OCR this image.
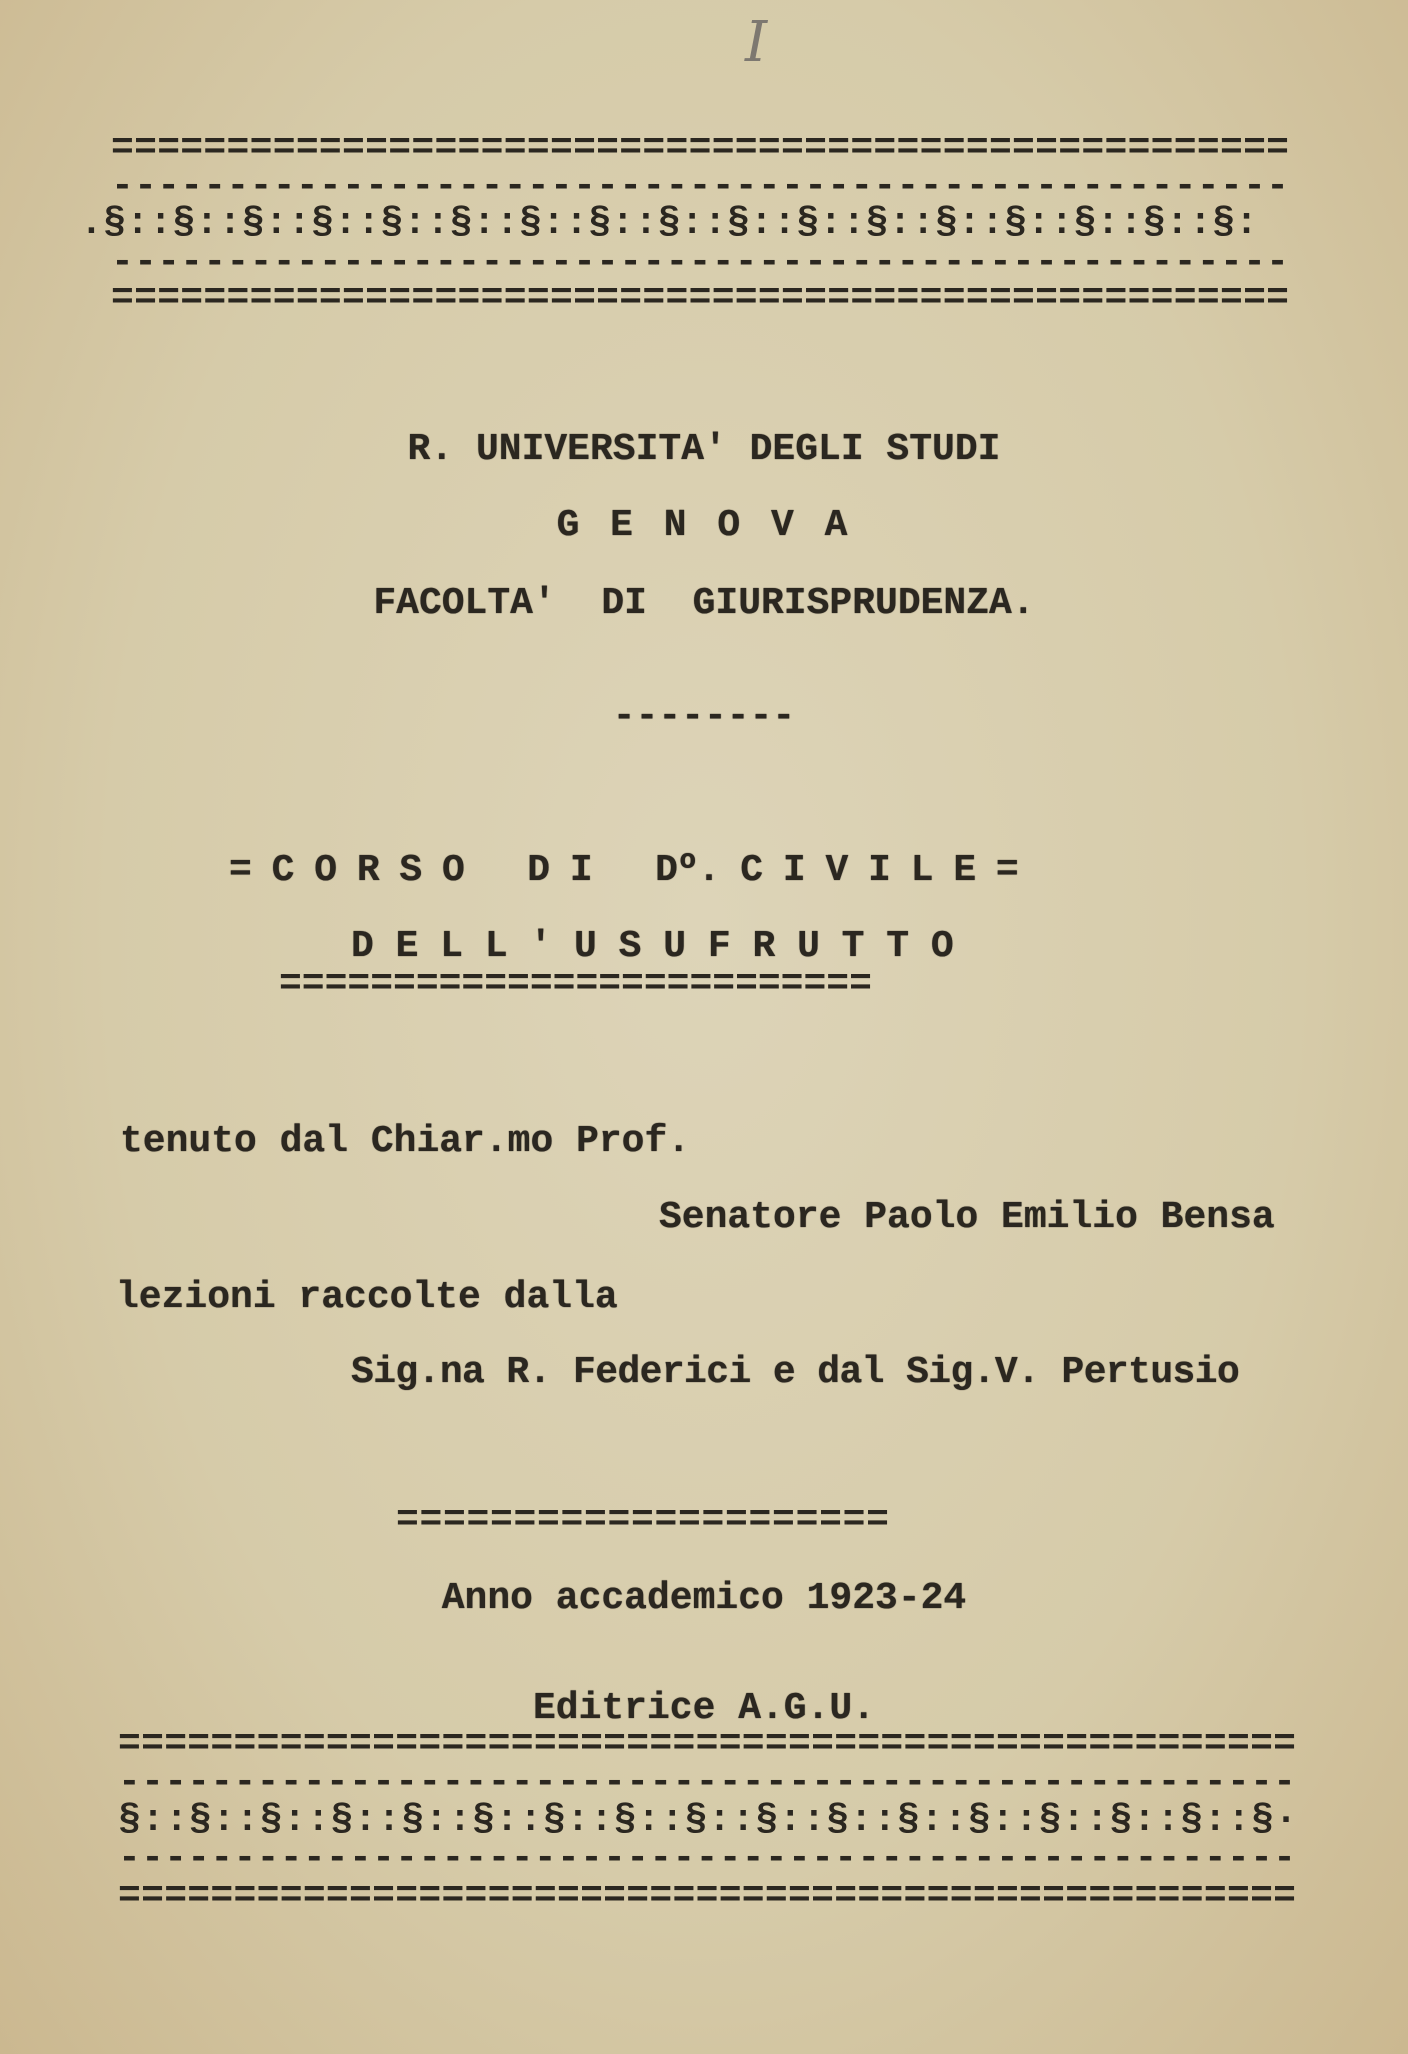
I
===================================================
---------------------------------------------------
.§::§::§::§::§::§::§::§::§::§::§::§::§::§::§::§::§:
---------------------------------------------------
===================================================
R. UNIVERSITA' DEGLI STUDI
G E N O V A
FACOLTA'  DI  GIURISPRUDENZA.
--------
= C O R S O   D I   Dº. C I V I L E =
D E L L ' U S U F R U T T O
==========================
tenuto dal Chiar.mo Prof.
Senatore Paolo Emilio Bensa
lezioni raccolte dalla
Sig.na R. Federici e dal Sig.V. Pertusio
=====================
Anno accademico 1923-24
Editrice A.G.U.
===================================================
---------------------------------------------------
§::§::§::§::§::§::§::§::§::§::§::§::§::§::§::§::§·
---------------------------------------------------
===================================================
